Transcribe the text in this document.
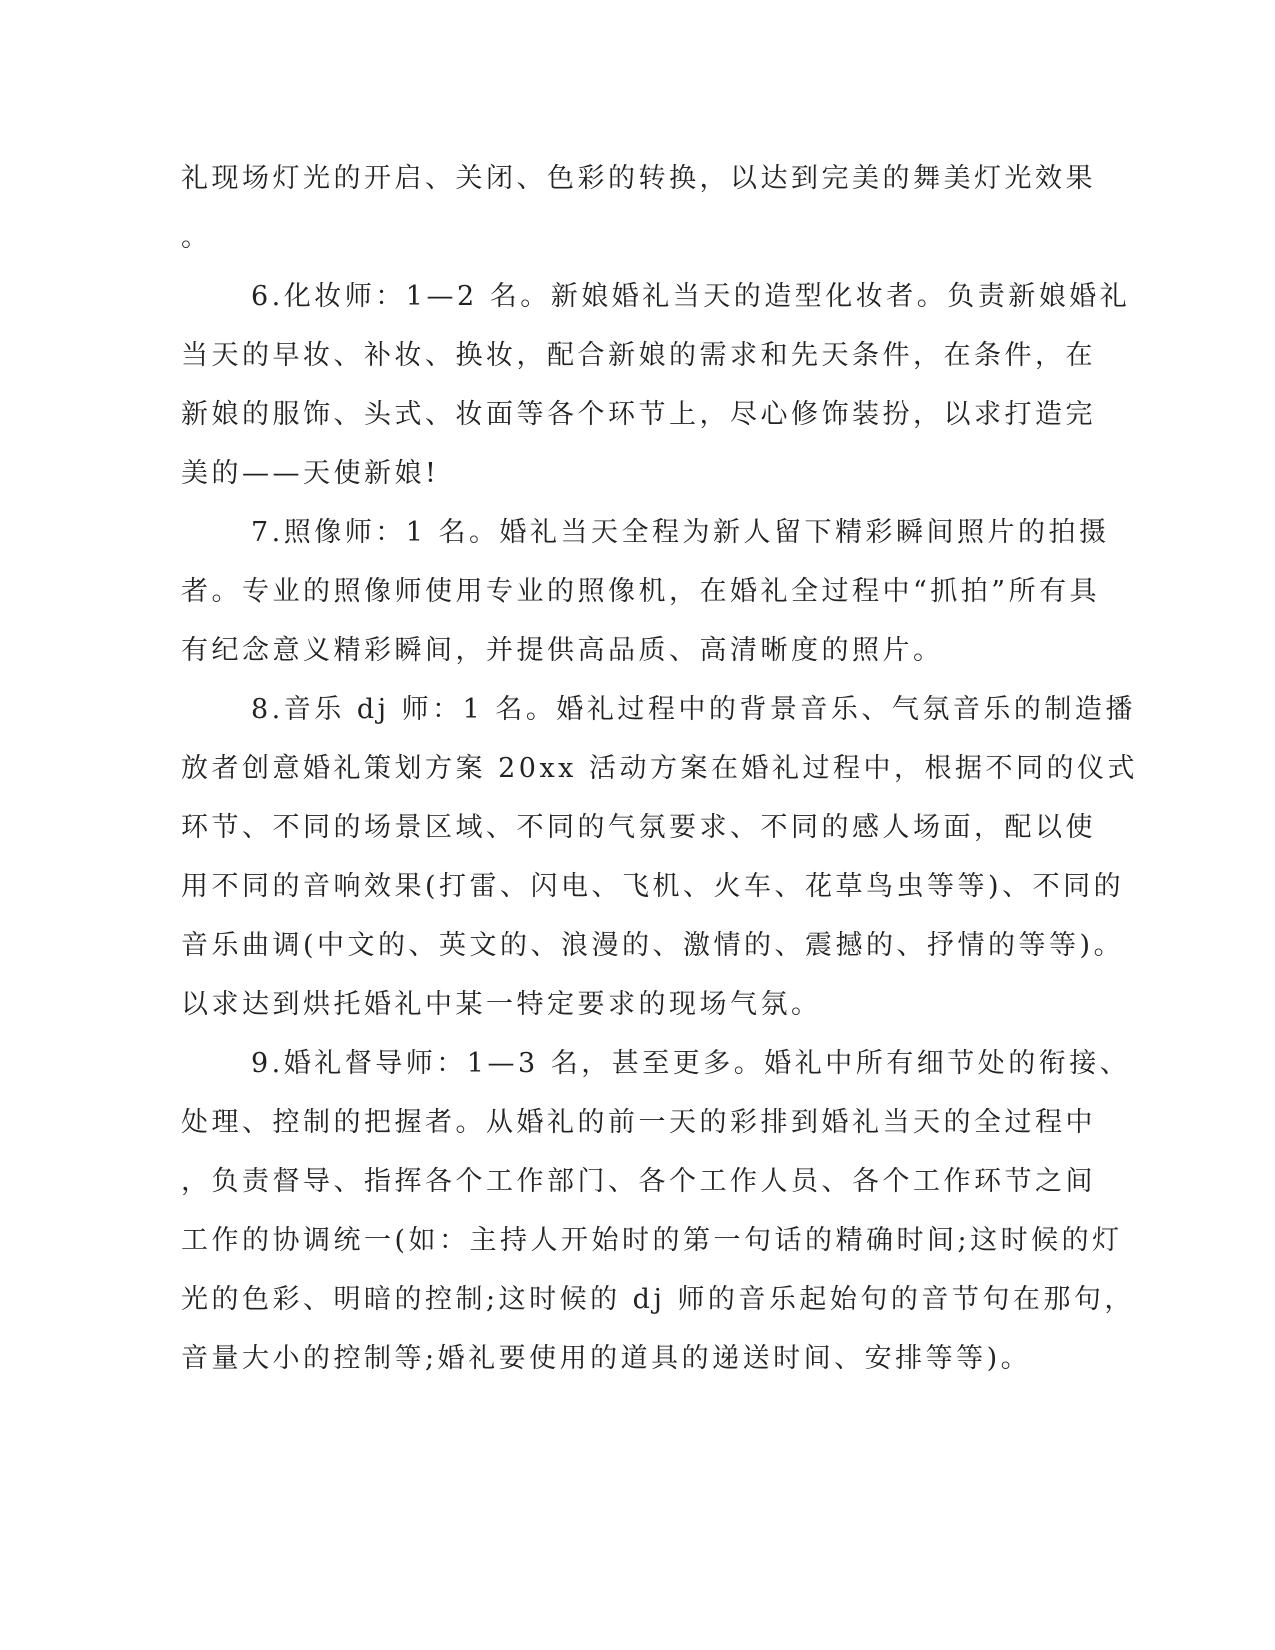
礼现场灯光的开启、关闭、色彩的转换，以达到完美的舞美灯光效果
。
6.化妆师：1—2 名。新娘婚礼当天的造型化妆者。负责新娘婚礼
当天的早妆、补妆、换妆，配合新娘的需求和先天条件，在条件，在
新娘的服饰、头式、妆面等各个环节上，尽心修饰装扮，以求打造完
美的——天使新娘!
7.照像师：1 名。婚礼当天全程为新人留下精彩瞬间照片的拍摄
者。专业的照像师使用专业的照像机，在婚礼全过程中“抓拍”所有具
有纪念意义精彩瞬间，并提供高品质、高清晰度的照片。
8.音乐 dj 师：1 名。婚礼过程中的背景音乐、气氛音乐的制造播
放者创意婚礼策划方案 20xx 活动方案在婚礼过程中，根据不同的仪式
环节、不同的场景区域、不同的气氛要求、不同的感人场面，配以使
用不同的音响效果(打雷、闪电、飞机、火车、花草鸟虫等等)、不同的
音乐曲调(中文的、英文的、浪漫的、激情的、震撼的、抒情的等等)。
以求达到烘托婚礼中某一特定要求的现场气氛。
9.婚礼督导师：1—3 名，甚至更多。婚礼中所有细节处的衔接、
处理、控制的把握者。从婚礼的前一天的彩排到婚礼当天的全过程中
，负责督导、指挥各个工作部门、各个工作人员、各个工作环节之间
工作的协调统一(如：主持人开始时的第一句话的精确时间;这时候的灯
光的色彩、明暗的控制;这时候的 dj 师的音乐起始句的音节句在那句，
音量大小的控制等;婚礼要使用的道具的递送时间、安排等等)。
